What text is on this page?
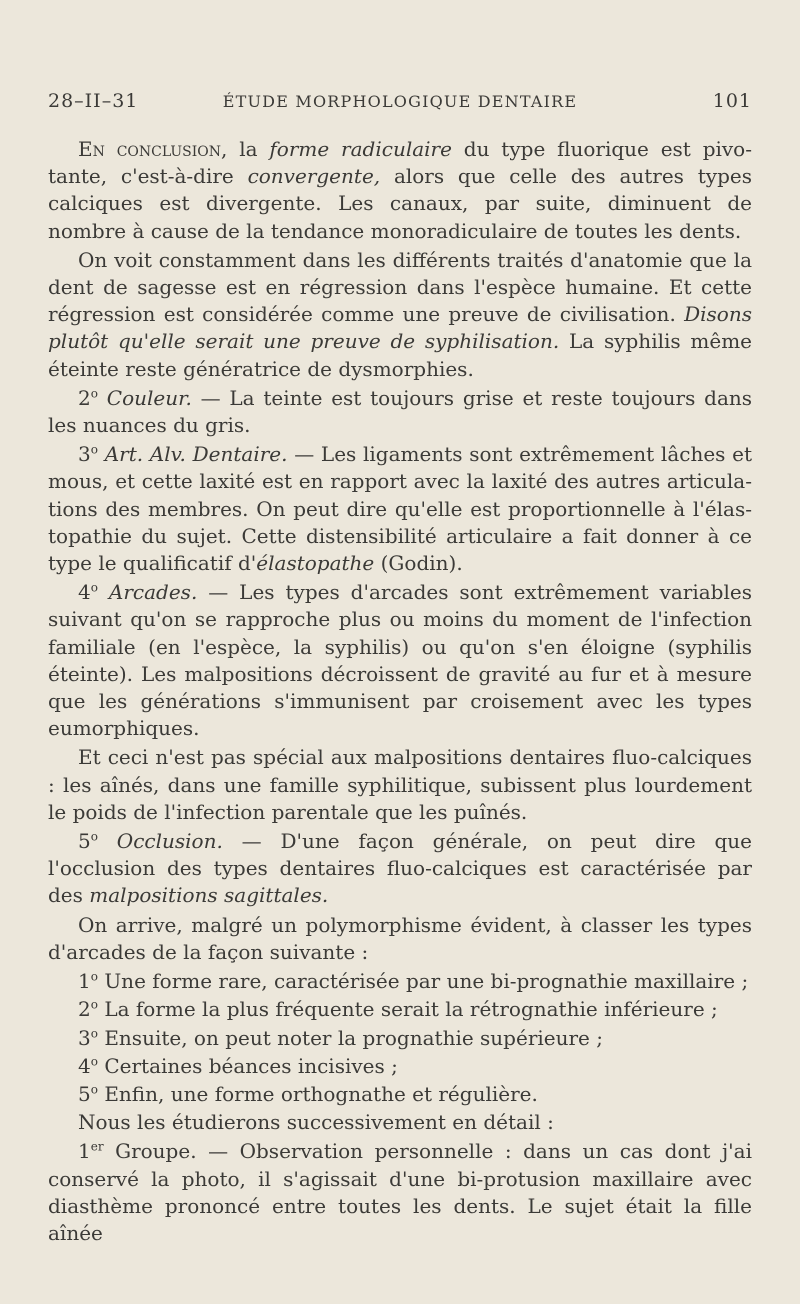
28–II–31	ÉTUDE MORPHOLOGIQUE DENTAIRE	101

En conclusion, la forme radiculaire du type fluorique est pivotante, c'est-à-dire convergente, alors que celle des autres types calciques est divergente. Les canaux, par suite, diminuent de nombre à cause de la tendance monoradiculaire de toutes les dents.

On voit constamment dans les différents traités d'anatomie que la dent de sagesse est en régression dans l'espèce humaine. Et cette régression est considérée comme une preuve de civilisation. Disons plutôt qu'elle serait une preuve de syphilisation. La syphilis même éteinte reste génératrice de dysmorphies.

2$^o$ Couleur. — La teinte est toujours grise et reste toujours dans les nuances du gris.

3$^o$ Art. Alv. Dentaire. — Les ligaments sont extrêmement lâches et mous, et cette laxité est en rapport avec la laxité des autres articulations des membres. On peut dire qu'elle est proportionnelle à l'élastopathie du sujet. Cette distensibilité articulaire a fait donner à ce type le qualificatif d'élastopathe (Godin).

4$^o$ Arcades. — Les types d'arcades sont extrêmement variables suivant qu'on se rapproche plus ou moins du moment de l'infection familiale (en l'espèce, la syphilis) ou qu'on s'en éloigne (syphilis éteinte). Les malpositions décroissent de gravité au fur et à mesure que les générations s'immunisent par croisement avec les types eumorphiques.

Et ceci n'est pas spécial aux malpositions dentaires fluo-calciques : les aînés, dans une famille syphilitique, subissent plus lourdement le poids de l'infection parentale que les puînés.

5$^o$ Occlusion. — D'une façon générale, on peut dire que l'occlusion des types dentaires fluo-calciques est caractérisée par des malpositions sagittales.

On arrive, malgré un polymorphisme évident, à classer les types d'arcades de la façon suivante :

1$^o$ Une forme rare, caractérisée par une bi-prognathie maxillaire ;

2$^o$ La forme la plus fréquente serait la rétrognathie inférieure ;

3$^o$ Ensuite, on peut noter la prognathie supérieure ;

4$^o$ Certaines béances incisives ;

5$^o$ Enfin, une forme orthognathe et régulière.

Nous les étudierons successivement en détail :

1er Groupe. — Observation personnelle : dans un cas dont j'ai conservé la photo, il s'agissait d'une bi-protusion maxillaire avec diasthème prononcé entre toutes les dents. Le sujet était la fille aînée
